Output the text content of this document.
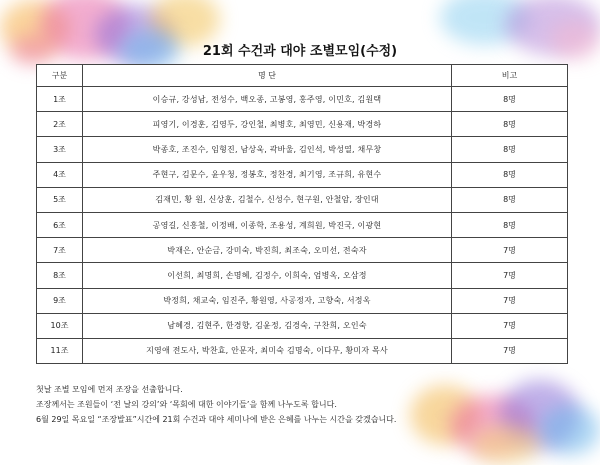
21회 수건과 대야 조별모임(수정)
구분	명 단	비고
1조	이승규, 강성남, 전성수, 백오종, 고봉영, 홍주영, 이민호, 김원택	8명
2조	피영기, 이경훈, 김영두, 강인철, 최병호, 최영민, 신용재, 박경하	8명
3조	박종호, 조진수, 임형진, 남상욱, 곽바울, 김인석, 박성열, 채무창	8명
4조	주현구, 김문수, 윤우청, 정봉호, 정찬경, 최기영, 조규희, 유현수	8명
5조	김재민, 황 원, 신상훈, 김철수, 신성수, 현구원, 안철암, 장인대	8명
6조	공영길, 신흥철, 이정배, 이종학, 조용성, 계희원, 박진국, 이광현	8명
7조	박재은, 안순금, 강미숙, 박진희, 최조숙, 오미선, 전숙자	7명
8조	이선희, 최명희, 손명혜, 김정수, 이희숙, 엄병옥, 오삼정	7명
9조	박정희, 채교숙, 임진주, 황원영, 사공정자, 고향숙, 서정옥	7명
10조	남혜경, 김현주, 한경향, 김윤정, 김경숙, 구찬희, 오인숙	7명
11조	지영애 전도사, 박찬효, 안문자, 최미숙 김명숙, 이다무, 황미자 목사	7명

첫날 조별 모임에 먼저 조장을 선출합니다.

조장께서는 조원들이 ‘전 날의 강의’와 ‘목회에 대한 이야기들’을 함께 나누도록 합니다.

6월 29일 목요일 “조장발표”시간에 21회 수건과 대야 세미나에 받은 은혜를 나누는 시간을 갖겠습니다.
